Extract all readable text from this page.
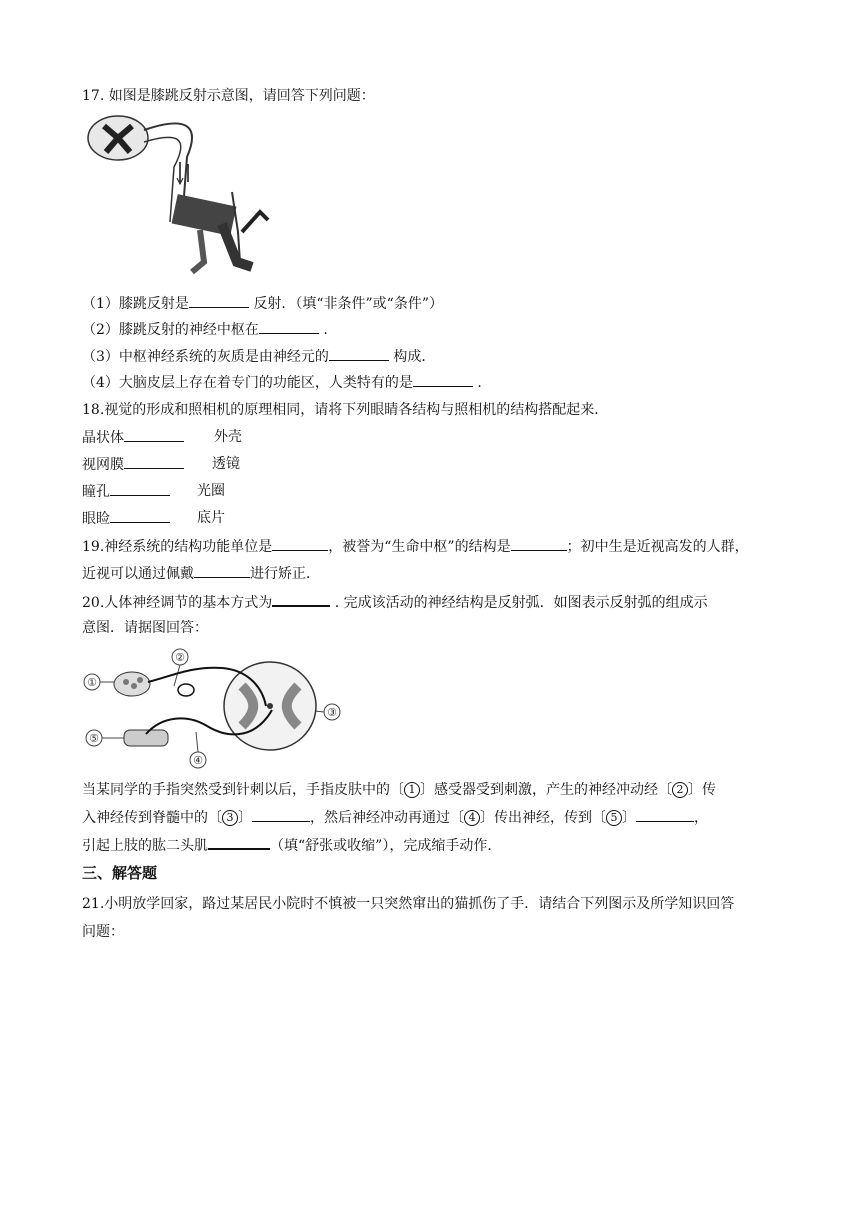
17. 如图是膝跳反射示意图，请回答下列问题：
（1）膝跳反射是	反射．（填“非条件”或“条件”）
（2）膝跳反射的神经中枢在	.
（3）中枢神经系统的灰质是由神经元的	构成．
（4）大脑皮层上存在着专门的功能区，人类特有的是	.
18.视觉的形成和照相机的原理相同，请将下列眼睛各结构与照相机的结构搭配起来．
晶状体	外壳
视网膜	透镜
瞳孔	光圈
眼睑	底片
19.神经系统的结构功能单位是	，被誉为“生命中枢”的结构是	；初中生是近视高发的人群，
近视可以通过佩戴	进行矫正．
20.人体神经调节的基本方式为	. 完成该活动的神经结构是反射弧．如图表示反射弧的组成示
意图．请据图回答：
①
②
③
④
⑤
当某同学的手指突然受到针刺以后，手指皮肤中的〔 1 〕感受器受到刺激，产生的神经冲动经〔 2 〕传
入神经传到脊髓中的〔 3 〕	，然后神经冲动再通过〔 4 〕传出神经，传到〔 5 〕	，
引起上肢的肱二头肌	（填“舒张或收缩”），完成缩手动作．
三、解答题
21.小明放学回家，路过某居民小院时不慎被一只突然窜出的猫抓伤了手．请结合下列图示及所学知识回答
问题：
